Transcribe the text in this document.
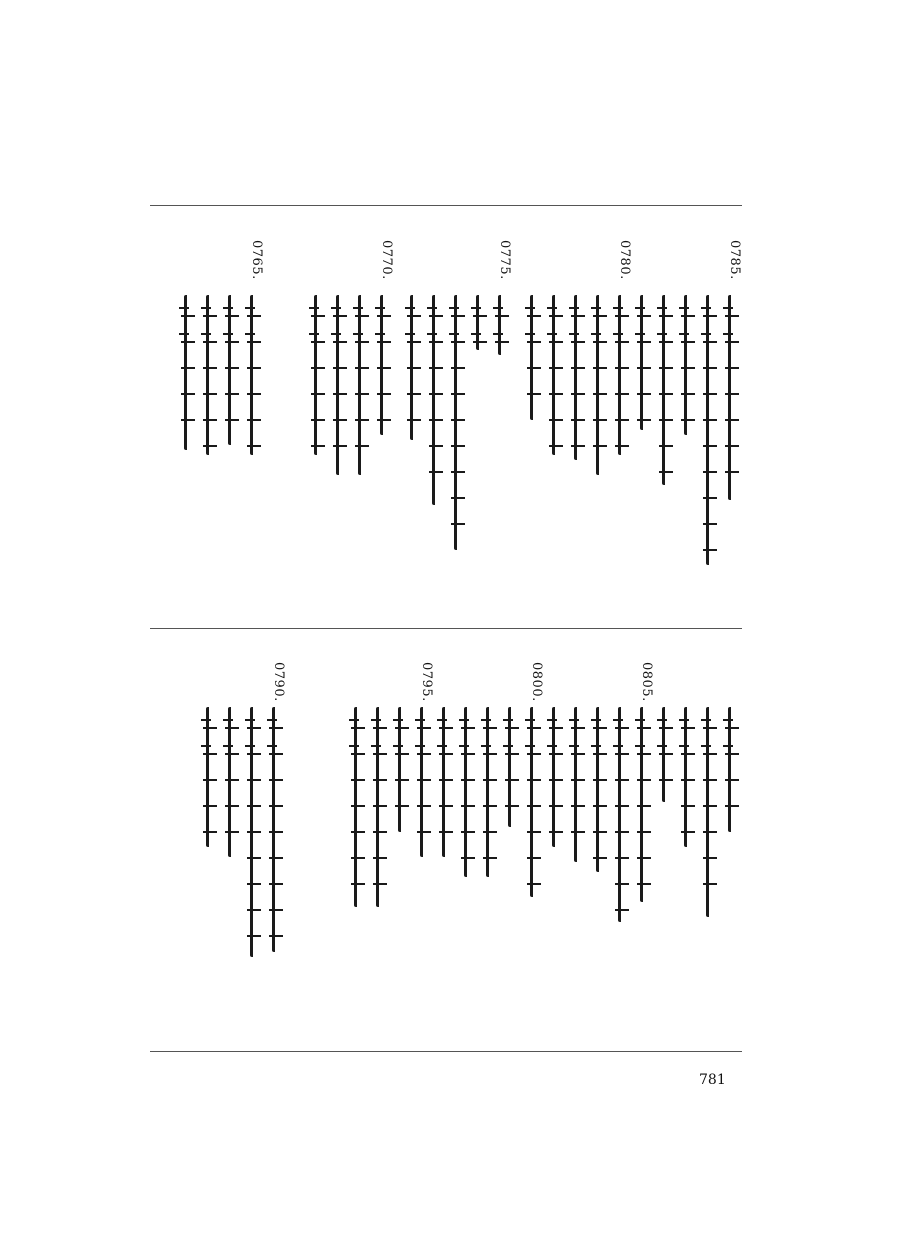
0785.
0780.
0775.
0770.
0765.
0805.
0800.
0795.
0790.
781
